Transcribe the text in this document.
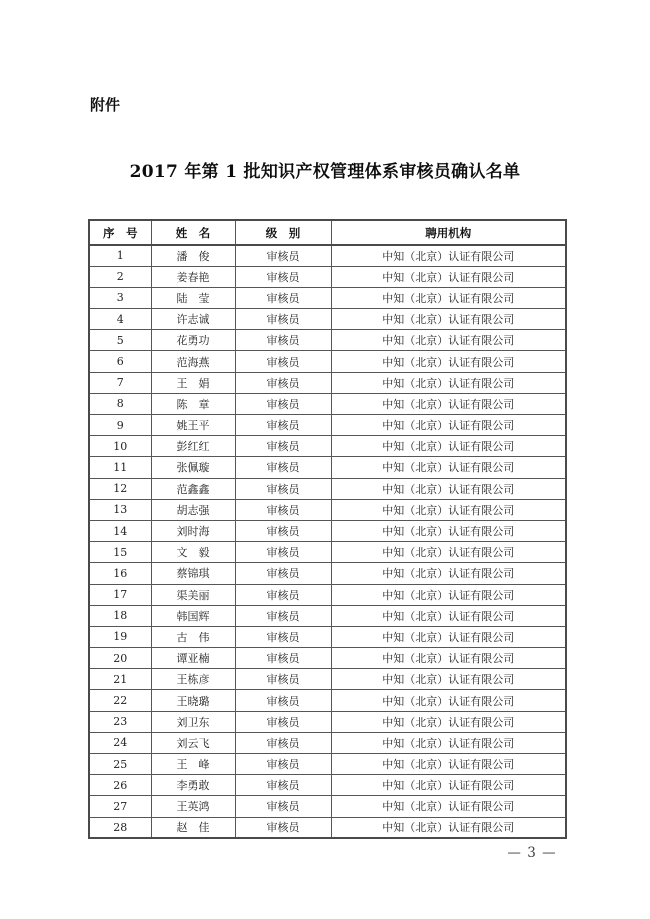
附件
2017 年第 1 批知识产权管理体系审核员确认名单
序　号	姓　名	级　别	聘用机构
1	潘　俊	审核员	中知（北京）认证有限公司
2	姜春艳	审核员	中知（北京）认证有限公司
3	陆　莹	审核员	中知（北京）认证有限公司
4	许志诚	审核员	中知（北京）认证有限公司
5	花勇功	审核员	中知（北京）认证有限公司
6	范海燕	审核员	中知（北京）认证有限公司
7	王　娟	审核员	中知（北京）认证有限公司
8	陈　章	审核员	中知（北京）认证有限公司
9	姚王平	审核员	中知（北京）认证有限公司
10	彭红红	审核员	中知（北京）认证有限公司
11	张佩璇	审核员	中知（北京）认证有限公司
12	范鑫鑫	审核员	中知（北京）认证有限公司
13	胡志强	审核员	中知（北京）认证有限公司
14	刘时海	审核员	中知（北京）认证有限公司
15	文　毅	审核员	中知（北京）认证有限公司
16	蔡锦琪	审核员	中知（北京）认证有限公司
17	渠美丽	审核员	中知（北京）认证有限公司
18	韩国辉	审核员	中知（北京）认证有限公司
19	古　伟	审核员	中知（北京）认证有限公司
20	谭亚楠	审核员	中知（北京）认证有限公司
21	王栋彦	审核员	中知（北京）认证有限公司
22	王晓璐	审核员	中知（北京）认证有限公司
23	刘卫东	审核员	中知（北京）认证有限公司
24	刘云飞	审核员	中知（北京）认证有限公司
25	王　峰	审核员	中知（北京）认证有限公司
26	李勇敢	审核员	中知（北京）认证有限公司
27	王英鸿	审核员	中知（北京）认证有限公司
28	赵　佳	审核员	中知（北京）认证有限公司
— 3 —
